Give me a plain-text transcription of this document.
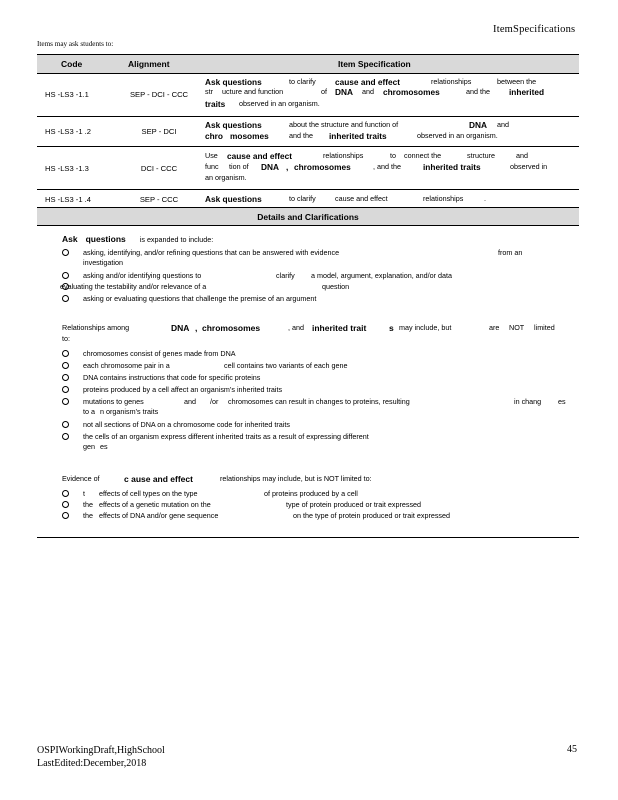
ItemSpecifications
Items may ask students to:
Code	Alignment	Item Specification
HS -LS3 -1.1	SEP - DCI - CCC
Ask questions	to clarify cause and effect	relationships	between the
str ucture and function	of DNA and chromosomes	and the inherited
traits observed in an organism.
HS -LS3 -1 .2	SEP - DCI
Ask questions	about the structure and function of	DNA and
chro mosomes	and the inherited traits	observed in an organism.
HS -LS3 -1.3	DCI - CCC
Use cause and effect	relationships	to connect the	structure	and
func tion of DNA , chromosomes	, and the	inherited traits	observed in
an organism.
HS -LS3 -1 .4	SEP - CCC	Ask questions	to clarify	cause and effect	relationships	.
Details and Clarifications
Ask questions is expanded to include:
asking, identifying, and/or refining questions that can be answered with evidence	from an
investigation
asking and/or identifying questions to	clarify a model, argument, explanation, and/or data
evaluating the testability and/or relevance of a	question
asking or evaluating questions that challenge the premise of an argument
Relationships among	DNA , chromosomes	, and inherited trait	s may include, but	are NOT limited
to:
chromosomes consist of genes made from DNA
each chromosome pair in a	cell contains two variants of each gene
DNA contains instructions that code for specific proteins
proteins produced by a cell affect an organism’s inherited traits
mutations to genes	and /or chromosomes can result in changes to proteins, resulting	in chang es
to a n organism’s traits
not all sections of DNA on a chromosome code for inherited traits
the cells of an organism express different inherited traits as a result of expressing different
gen es
Evidence of	c ause and effect	relationships may include, but is NOT limited to:
t effects of cell types on the type	of proteins produced by a cell
the effects of a genetic mutation on the	type of protein produced or trait expressed
the effects of DNA and/or gene sequence	on the type of protein produced or trait expressed
OSPIWorkingDraft,HighSchool
LastEdited:December,2018
45
